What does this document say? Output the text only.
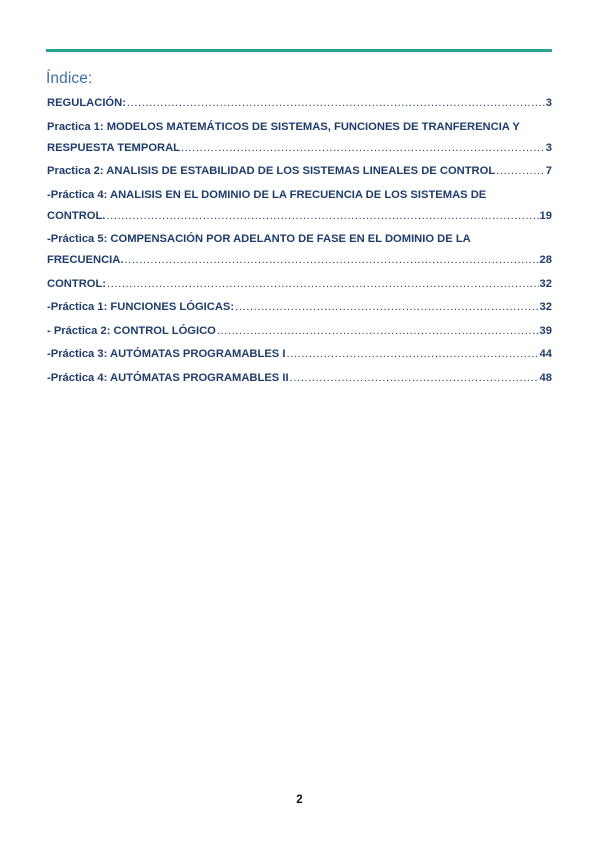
Índice:
REGULACIÓN: .....	3
Practica 1: MODELOS MATEMÁTICOS DE SISTEMAS, FUNCIONES DE TRANFERENCIA Y
RESPUESTA TEMPORAL .....	3
Practica 2: ANALISIS DE ESTABILIDAD DE LOS SISTEMAS LINEALES DE CONTROL .....	7
-Práctica 4: ANALISIS EN EL DOMINIO DE LA FRECUENCIA DE LOS SISTEMAS DE
CONTROL. .....	19
-Práctica 5: COMPENSACIÓN POR ADELANTO DE FASE EN EL DOMINIO DE LA
FRECUENCIA. .....	28
CONTROL: .....	32
-Práctica 1: FUNCIONES LÓGICAS: .....	32
- Práctica 2: CONTROL LÓGICO .....	39
-Práctica 3: AUTÓMATAS PROGRAMABLES I .....	44
-Práctica 4: AUTÓMATAS PROGRAMABLES II .....	48
2
